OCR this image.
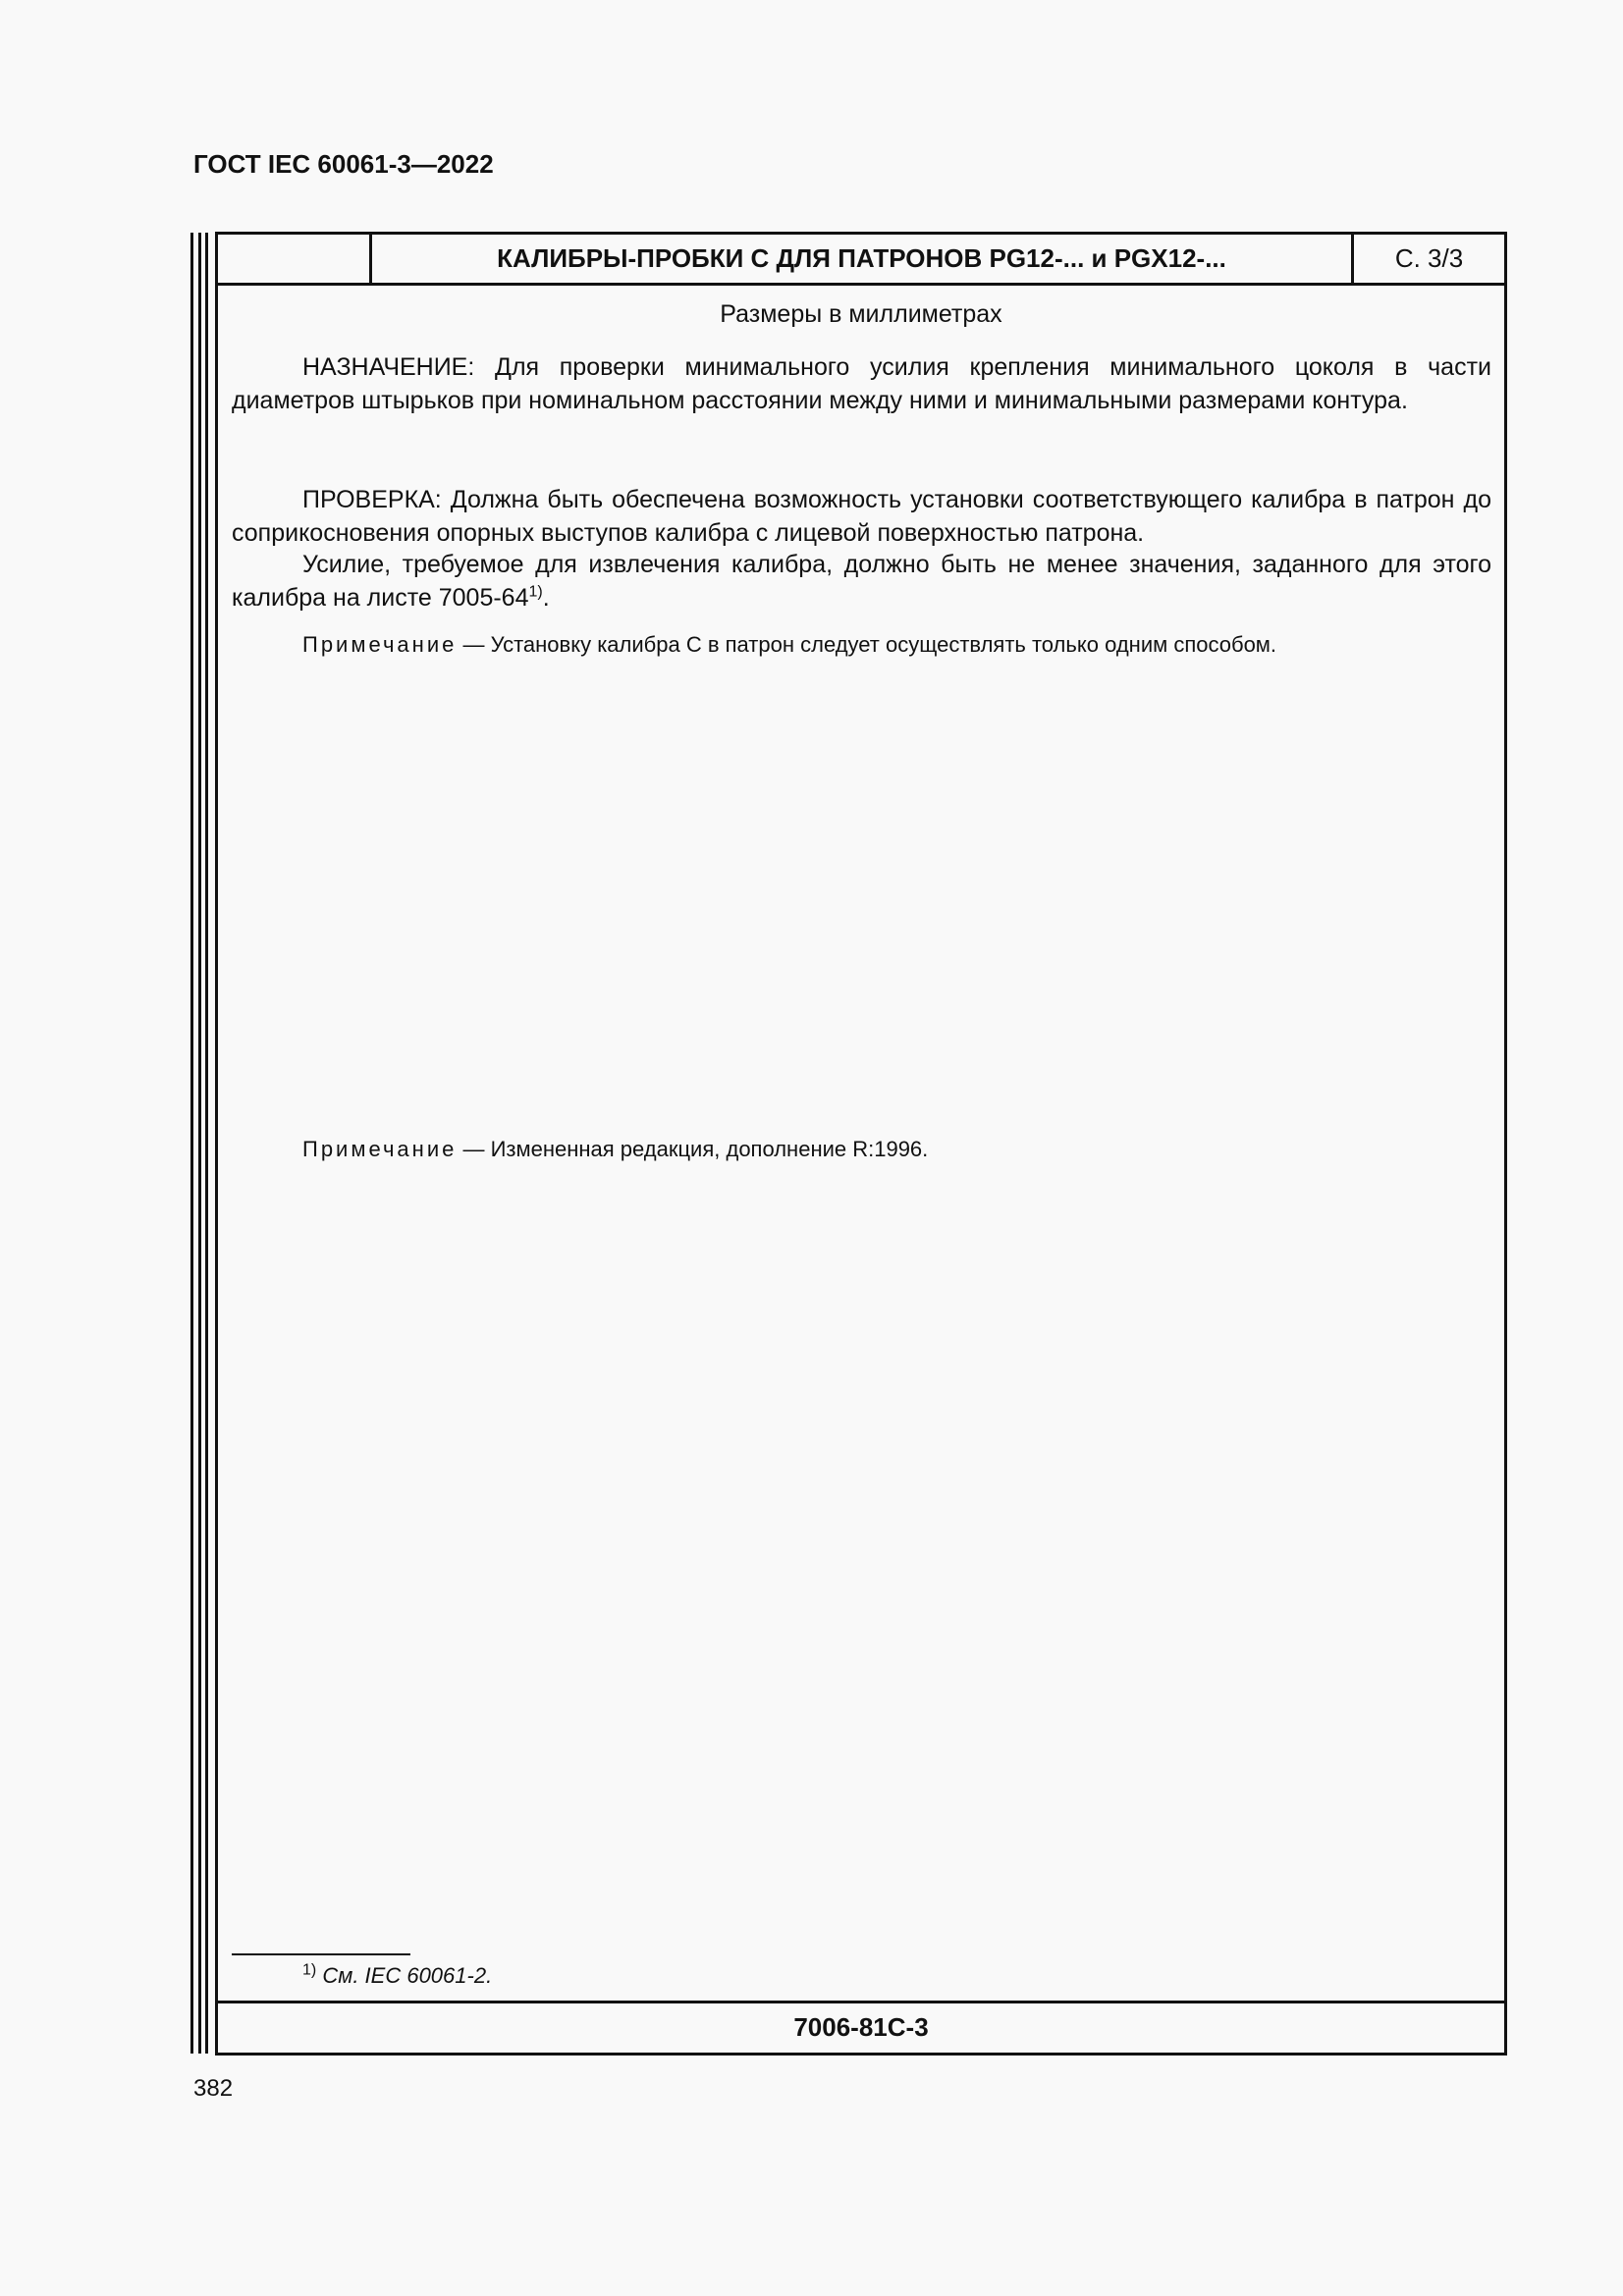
ГОСТ IEC 60061-3—2022
КАЛИБРЫ-ПРОБКИ С ДЛЯ ПАТРОНОВ PG12-... и PGX12-...	С. 3/3
Размеры в миллиметрах
НАЗНАЧЕНИЕ: Для проверки минимального усилия крепления минимального цоколя в части диаметров штырьков при номинальном расстоянии между ними и минимальными размерами контура.
ПРОВЕРКА: Должна быть обеспечена возможность установки соответствующего калибра в патрон до соприкосновения опорных выступов калибра с лицевой поверхностью патрона.
Усилие, требуемое для извлечения калибра, должно быть не менее значения, заданного для этого калибра на листе 7005-64$^{1)}$.
Примечание — Установку калибра С в патрон следует осуществлять только одним способом.
Примечание — Измененная редакция, дополнение R:1996.
$^{1)}$ См. IEC 60061-2.
7006-81C-3
382
